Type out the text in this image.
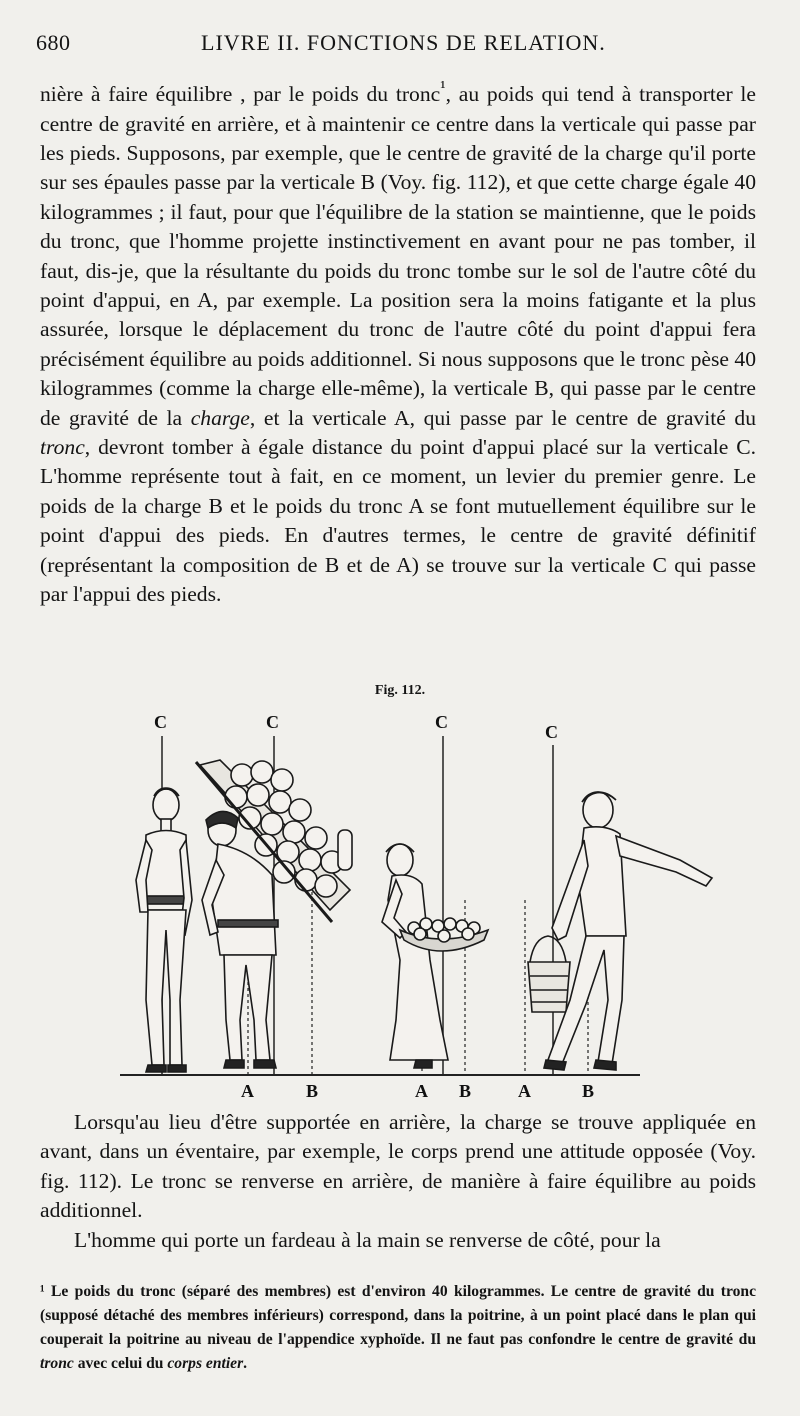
680	LIVRE II. FONCTIONS DE RELATION.

nière à faire équilibre , par le poids du tronc$^{^1}$, au poids qui tend à transporter le centre de gravité en arrière, et à maintenir ce centre dans la verticale qui passe par les pieds. Supposons, par exemple, que le centre de gravité de la charge qu'il porte sur ses épaules passe par la verticale B (Voy. fig. 112), et que cette charge égale 40 kilogrammes ; il faut, pour que l'équilibre de la station se maintienne, que le poids du tronc, que l'homme projette instinctivement en avant pour ne pas tomber, il faut, dis-je, que la résultante du poids du tronc tombe sur le sol de l'autre côté du point d'appui, en A, par exemple. La position sera la moins fatigante et la plus assurée, lorsque le déplacement du tronc de l'autre côté du point d'appui fera précisément équilibre au poids additionnel. Si nous supposons que le tronc pèse 40 kilogrammes (comme la charge elle-même), la verticale B, qui passe par le centre de gravité de la charge, et la verticale A, qui passe par le centre de gravité du tronc, devront tomber à égale distance du point d'appui placé sur la verticale C. L'homme représente tout à fait, en ce moment, un levier du premier genre. Le poids de la charge B et le poids du tronc A se font mutuellement équilibre sur le point d'appui des pieds. En d'autres termes, le centre de gravité définitif (représentant la composition de B et de A) se trouve sur la verticale C qui passe par l'appui des pieds.

Fig. 112.
C	C	C	C
A	B	A B	A	B

Lorsqu'au lieu d'être supportée en arrière, la charge se trouve appliquée en avant, dans un éventaire, par exemple, le corps prend une attitude opposée (Voy. fig. 112). Le tronc se renverse en arrière, de manière à faire équilibre au poids additionnel.

L'homme qui porte un fardeau à la main se renverse de côté, pour la

¹ Le poids du tronc (séparé des membres) est d'environ 40 kilogrammes. Le centre de gravité du tronc (supposé détaché des membres inférieurs) correspond, dans la poitrine, à un point placé dans le plan qui couperait la poitrine au niveau de l'appendice xyphoïde. Il ne faut pas confondre le centre de gravité du tronc avec celui du corps entier.
